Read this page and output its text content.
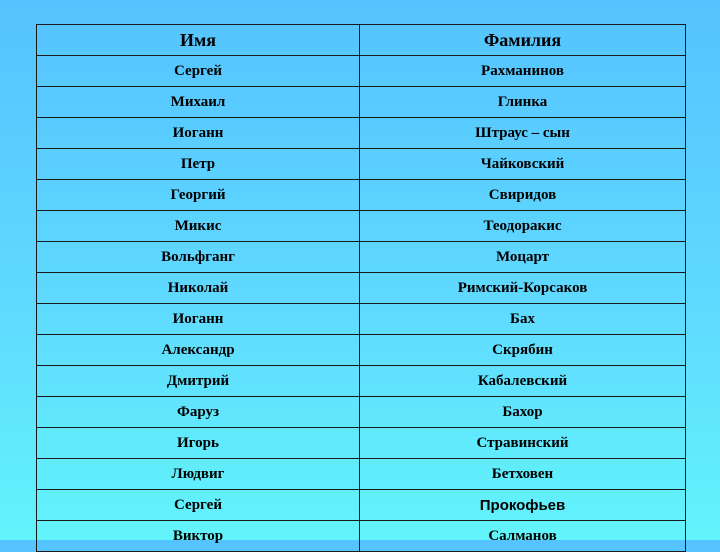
Имя	Фамилия
Сергей	Рахманинов
Михаил	Глинка
Иоганн	Штраус – сын
Петр	Чайковский
Георгий	Свиридов
Микис	Теодоракис
Вольфганг	Моцарт
Николай	Римский-Корсаков
Иоганн	Бах
Александр	Скрябин
Дмитрий	Кабалевский
Фаруз	Бахор
Игорь	Стравинский
Людвиг	Бетховен
Сергей	Прокофьев
Виктор	Салманов
